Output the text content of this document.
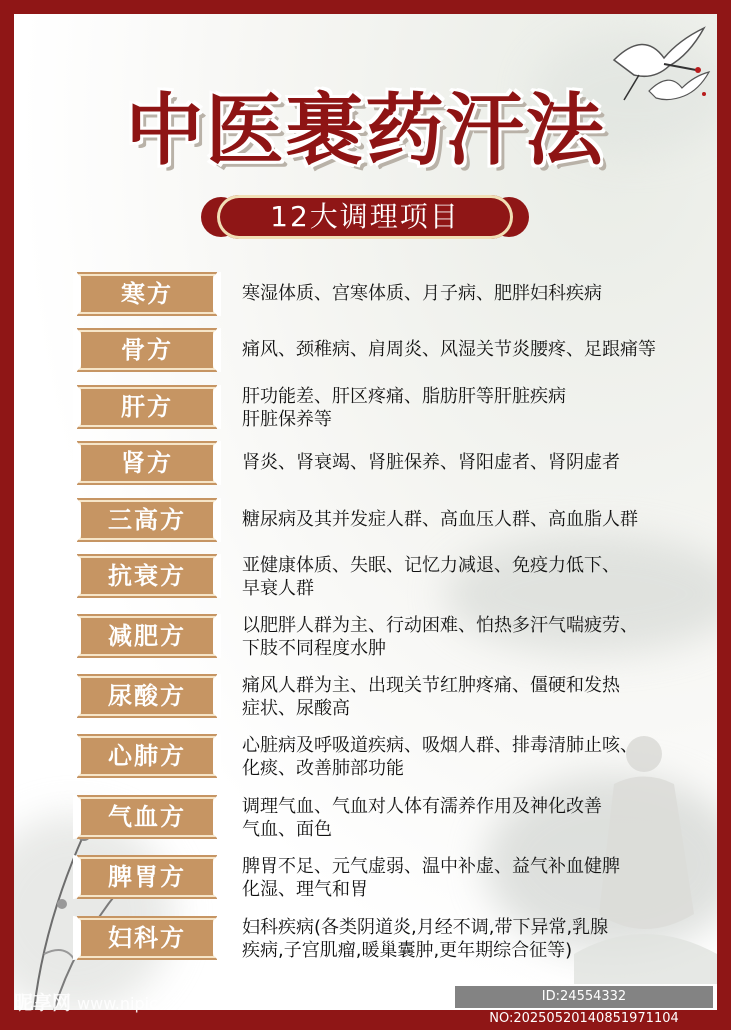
中医裹药汗法
12大调理项目
寒方	寒湿体质、宫寒体质、月子病、肥胖妇科疾病
骨方	痛风、颈稚病、肩周炎、风湿关节炎腰疼、足跟痛等
肝方	肝功能差、肝区疼痛、脂肪肝等肝脏疾病
肝脏保养等
肾方	肾炎、肾衰竭、肾脏保养、肾阳虚者、肾阴虚者
三高方	糖尿病及其并发症人群、高血压人群、高血脂人群
抗衰方	亚健康体质、失眠、记忆力减退、免疫力低下、
早衰人群
减肥方	以肥胖人群为主、行动困难、怕热多汗气喘疲劳、
下肢不同程度水肿
尿酸方	痛风人群为主、出现关节红肿疼痛、僵硬和发热
症状、尿酸高
心肺方	心脏病及呼吸道疾病、吸烟人群、排毒清肺止咳、
化痰、改善肺部功能
气血方	调理气血、气血对人体有濡养作用及神化改善
气血、面色
脾胃方	脾胃不足、元气虚弱、温中补虚、益气补血健脾
化湿、理气和胃
妇科方	妇科疾病(各类阴道炎,月经不调,带下异常,乳腺
疾病,子宫肌瘤,暖巢囊肿,更年期综合征等)
昵享网 www.nipic.cn	ID:24554332 NO:20250520140851971104
